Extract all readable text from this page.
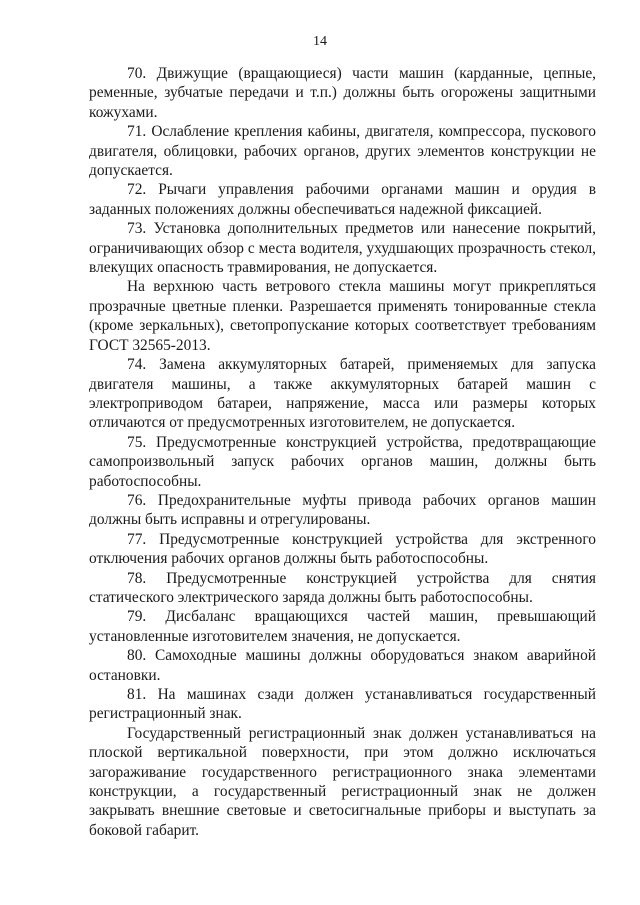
14

70. Движущие (вращающиеся) части машин (карданные, цепные, ременные, зубчатые передачи и т.п.) должны быть огорожены защитными кожухами.

71. Ослабление крепления кабины, двигателя, компрессора, пускового двигателя, облицовки, рабочих органов, других элементов конструкции не допускается.

72. Рычаги управления рабочими органами машин и орудия в заданных положениях должны обеспечиваться надежной фиксацией.

73. Установка дополнительных предметов или нанесение покрытий, ограничивающих обзор с места водителя, ухудшающих прозрачность стекол, влекущих опасность травмирования, не допускается.

На верхнюю часть ветрового стекла машины могут прикрепляться прозрачные цветные пленки. Разрешается применять тонированные стекла (кроме зеркальных), светопропускание которых соответствует требованиям ГОСТ 32565-2013.

74. Замена аккумуляторных батарей, применяемых для запуска двигателя машины, а также аккумуляторных батарей машин с электроприводом батареи, напряжение, масса или размеры которых отличаются от предусмотренных изготовителем, не допускается.

75. Предусмотренные конструкцией устройства, предотвращающие самопроизвольный запуск рабочих органов машин, должны быть работоспособны.

76. Предохранительные муфты привода рабочих органов машин должны быть исправны и отрегулированы.

77. Предусмотренные конструкцией устройства для экстренного отключения рабочих органов должны быть работоспособны.

78. Предусмотренные конструкцией устройства для снятия статического электрического заряда должны быть работоспособны.

79. Дисбаланс вращающихся частей машин, превышающий установленные изготовителем значения, не допускается.

80. Самоходные машины должны оборудоваться знаком аварийной остановки.

81. На машинах сзади должен устанавливаться государственный регистрационный знак.

Государственный регистрационный знак должен устанавливаться на плоской вертикальной поверхности, при этом должно исключаться загораживание государственного регистрационного знака элементами конструкции, а государственный регистрационный знак не должен закрывать внешние световые и светосигнальные приборы и выступать за боковой габарит.
